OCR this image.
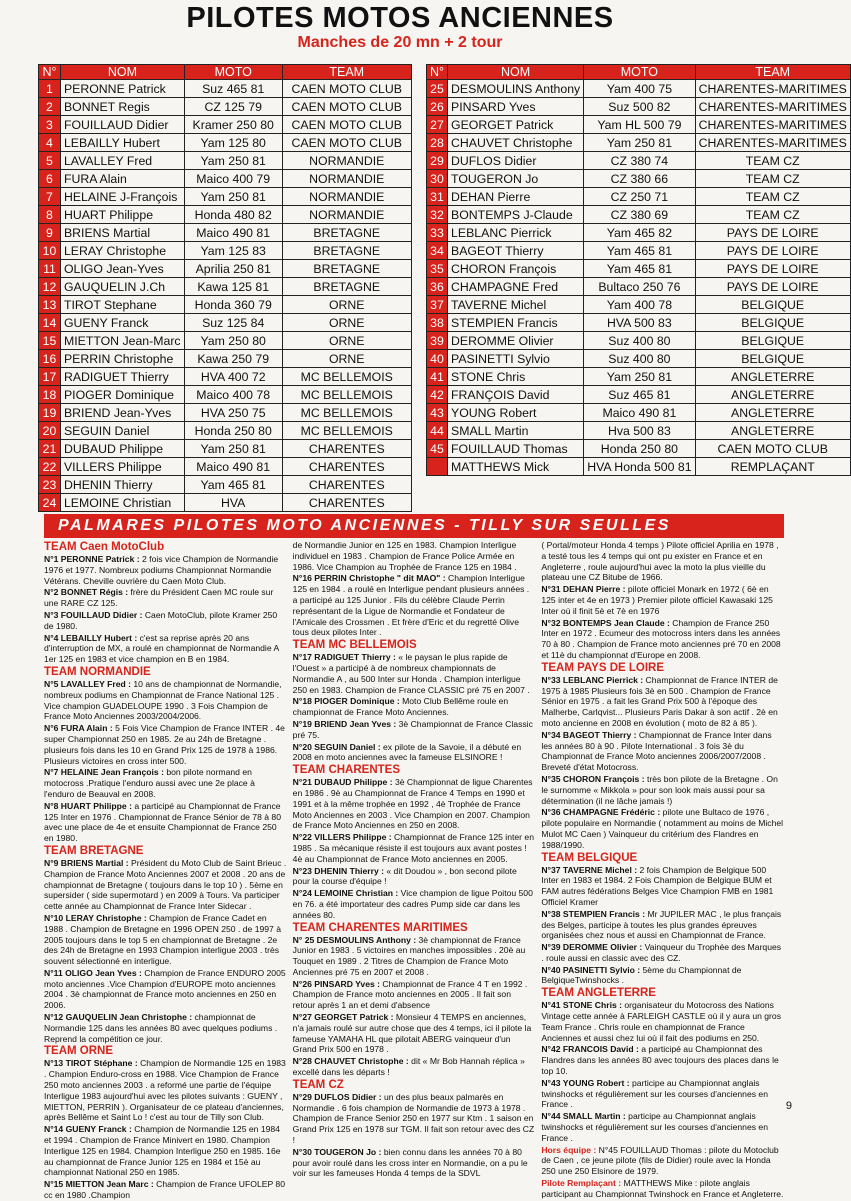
PILOTES MOTOS ANCIENNES
Manches de 20 mn + 2 tour
N°	NOM	MOTO	TEAM
1	PERONNE Patrick	Suz 465 81	CAEN MOTO CLUB
2	BONNET Regis	CZ 125 79	CAEN MOTO CLUB
3	FOUILLAUD Didier	Kramer 250 80	CAEN MOTO CLUB
4	LEBAILLY Hubert	Yam 125 80	CAEN MOTO CLUB
5	LAVALLEY Fred	Yam 250 81	NORMANDIE
6	FURA Alain	Maico 400 79	NORMANDIE
7	HELAINE J-François	Yam 250 81	NORMANDIE
8	HUART Philippe	Honda 480 82	NORMANDIE
9	BRIENS Martial	Maico 490 81	BRETAGNE
10	LERAY Christophe	Yam 125 83	BRETAGNE
11	OLIGO Jean-Yves	Aprilia 250 81	BRETAGNE
12	GAUQUELIN J.Ch	Kawa 125 81	BRETAGNE
13	TIROT Stephane	Honda 360 79	ORNE
14	GUENY Franck	Suz 125 84	ORNE
15	MIETTON Jean-Marc	Yam 250 80	ORNE
16	PERRIN Christophe	Kawa 250 79	ORNE
17	RADIGUET Thierry	HVA 400 72	MC BELLEMOIS
18	PIOGER Dominique	Maico 400 78	MC BELLEMOIS
19	BRIEND Jean-Yves	HVA 250 75	MC BELLEMOIS
20	SEGUIN Daniel	Honda 250 80	MC BELLEMOIS
21	DUBAUD Philippe	Yam 250 81	CHARENTES
22	VILLERS Philippe	Maico 490 81	CHARENTES
23	DHENIN Thierry	Yam 465 81	CHARENTES
24	LEMOINE Christian	HVA	CHARENTES
N°	NOM	MOTO	TEAM
25	DESMOULINS Anthony	Yam 400 75	CHARENTES-MARITIMES
26	PINSARD Yves	Suz 500 82	CHARENTES-MARITIMES
27	GEORGET Patrick	Yam HL 500 79	CHARENTES-MARITIMES
28	CHAUVET Christophe	Yam 250 81	CHARENTES-MARITIMES
29	DUFLOS Didier	CZ 380 74	TEAM CZ
30	TOUGERON Jo	CZ 380 66	TEAM CZ
31	DEHAN Pierre	CZ 250 71	TEAM CZ
32	BONTEMPS J-Claude	CZ 380 69	TEAM CZ
33	LEBLANC Pierrick	Yam 465 82	PAYS DE LOIRE
34	BAGEOT Thierry	Yam 465 81	PAYS DE LOIRE
35	CHORON François	Yam 465 81	PAYS DE LOIRE
36	CHAMPAGNE Fred	Bultaco 250 76	PAYS DE LOIRE
37	TAVERNE Michel	Yam 400 78	BELGIQUE
38	STEMPIEN Francis	HVA 500 83	BELGIQUE
39	DEROMME Olivier	Suz 400 80	BELGIQUE
40	PASINETTI Sylvio	Suz 400 80	BELGIQUE
41	STONE Chris	Yam 250 81	ANGLETERRE
42	FRANÇOIS David	Suz 465 81	ANGLETERRE
43	YOUNG Robert	Maico 490 81	ANGLETERRE
44	SMALL Martin	Hva 500 83	ANGLETERRE
45	FOUILLAUD Thomas	Honda 250 80	CAEN MOTO CLUB
	MATTHEWS Mick	HVA Honda 500 81	REMPLAÇANT
PALMARES PILOTES MOTO ANCIENNES - TILLY SUR SEULLES
TEAM Caen MotoClub
N°1 PERONNE Patrick : 2 fois vice Champion de Normandie 1976 et 1977. Nombreux podiums Championnat Normandie Vétérans. Cheville ouvrière du Caen Moto Club.
N°2 BONNET Régis : frère du Président Caen MC roule sur une RARE CZ 125.
N°3 FOUILLAUD Didier : Caen MotoClub, pilote Kramer 250 de 1980.
N°4 LEBAILLY Hubert : c'est sa reprise après 20 ans d'interruption de MX, a roulé en championnat de Normandie A 1er 125 en 1983 et vice champion en B en 1984.
TEAM NORMANDIE
N°5 LAVALLEY Fred : 10 ans de championnat de Normandie, nombreux podiums en Championnat de France National 125 . Vice champion GUADELOUPE 1990 . 3 Fois Champion de France Moto Anciennes 2003/2004/2006.
N°6 FURA Alain : 5 Fois Vice Champion de France INTER . 4e super Championnat 250 en 1985. 2e au 24h de Bretagne . plusieurs fois dans les 10 en Grand Prix 125 de 1978 à 1986. Plusieurs victoires en cross inter 500.
N°7 HELAINE Jean François : bon pilote normand en motocross .Pratique l'enduro aussi avec une 2e place à l'enduro de Beauval en 2008.
N°8 HUART Philippe : a participé au Championnat de France 125 Inter en 1976 . Championnat de France Sénior de 78 à 80 avec une place de 4e et ensuite Championnat de France 250 en 1980.
TEAM BRETAGNE
N°9 BRIENS Martial : Président du Moto Club de Saint Brieuc . Champion de France Moto Anciennes 2007 et 2008 . 20 ans de championnat de Bretagne ( toujours dans le top 10 ) . 5ème en supersider ( side supermotard ) en 2009 à Tours. Va participer cette année au Championnat de France Inter Sidecar .
N°10 LERAY Christophe : Champion de France Cadet en 1988 . Champion de Bretagne en 1996 OPEN 250 . de 1997 à 2005 toujours dans le top 5 en championnat de Bretagne . 2e des 24h de Bretagne en 1993 Champion interligue 2003 . très souvent sélectionné en interligue.
N°11 OLIGO Jean Yves : Champion de France ENDURO 2005 moto anciennes .Vice Champion d'EUROPE moto anciennes 2004 . 3è championnat de France moto anciennes en 250 en 2006.
N°12 GAUQUELIN Jean Christophe : championnat de Normandie 125 dans les années 80 avec quelques podiums . Reprend la compétition ce jour.
TEAM ORNE
N°13 TIROT Stéphane : Champion de Normandie 125 en 1983 . Champion Enduro-cross en 1988. Vice Champion de France 250 moto anciennes 2003 . a reformé une partie de l'équipe Interligue 1983 aujourd'hui avec les pilotes suivants : GUENY , MIETTON, PERRIN ). Organisateur de ce plateau d'anciennes, après Bellême et Saint Lo ! c'est au tour de Tilly son Club.
N°14 GUENY Franck : Champion de Normandie 125 en 1984 et 1994 . Champion de France Minivert en 1980. Champion Interligue 125 en 1984. Champion Interligue 250 en 1985. 16e au championnat de France Junior 125 en 1984 et 15è au championnat National 250 en 1985.
N°15 MIETTON Jean Marc : Champion de France UFOLEP 80 cc en 1980 .Champion
de Normandie Junior en 125 en 1983. Champion Interligue individuel en 1983 . Champion de France Police Armée en 1986. Vice Champion au Trophée de France 125 en 1984 .
N°16 PERRIN Christophe " dit MAO" : Champion Interligue 125 en 1984 . a roulé en Interligue pendant plusieurs années . a participé au 125 Junior . Fils du célèbre Claude Perrin représentant de la Ligue de Normandie et Fondateur de l'Amicale des Crossmen . Et frère d'Eric et du regretté Olive tous deux pilotes Inter .
TEAM MC BELLEMOIS
N°17 RADIGUET Thierry : « le paysan le plus rapide de l'Ouest » a participé à de nombreux championnats de Normandie A , au 500 Inter sur Honda . Champion interligue 250 en 1983. Champion de France CLASSIC pré 75 en 2007 .
N°18 PIOGER Dominique : Moto Club Bellême roule en championnat de France Moto Anciennes.
N°19 BRIEND Jean Yves : 3è Championnat de France Classic pré 75.
N°20 SEGUIN Daniel : ex pilote de la Savoie, il a débuté en 2008 en moto anciennes avec la fameuse ELSINORE !
TEAM CHARENTES
N°21 DUBAUD Philippe : 3è Championnat de ligue Charentes en 1986 . 9è au Championnat de France 4 Temps en 1990 et 1991 et à la même trophée en 1992 , 4è Trophée de France Moto Anciennes en 2003 . Vice Champion en 2007. Champion de France Moto Anciennes en 250 en 2008.
N°22 VILLERS Philippe : Championnat de France 125 inter en 1985 . Sa mécanique résiste il est toujours aux avant postes ! 4è au Championnat de France Moto anciennes en 2005.
N°23 DHENIN Thierry : « dit Doudou » , bon second pilote pour la course d'équipe !
N°24 LEMOINE Christian : Vice champion de ligue Poitou 500 en 76. a été importateur des cadres Pump side car dans les années 80.
TEAM CHARENTES MARITIMES
N° 25 DESMOULINS Anthony : 3è championnat de France Junior en 1983 . 5 victoires en manches impossibles . 20è au Touquet en 1989 . 2 Titres de Champion de France Moto Anciennes pré 75 en 2007 et 2008 .
N°26 PINSARD Yves : Championnat de France 4 T en 1992 . Champion de France moto anciennes en 2005 . Il fait son retour après 1 an et demi d'absence
N°27 GEORGET Patrick : Monsieur 4 TEMPS en anciennes, n'a jamais roulé sur autre chose que des 4 temps, ici il pilote la fameuse YAMAHA HL que pilotait ABERG vainqueur d'un Grand Prix 500 en 1978 .
N°28 CHAUVET Christophe : dit « Mr Bob Hannah réplica » excellé dans les départs !
TEAM CZ
N°29 DUFLOS Didier : un des plus beaux palmarès en Normandie . 6 fois champion de Normandie de 1973 à 1978 . Champion de France Senior 250 en 1977 sur Ktm . 1 saison en Grand Prix 125 en 1978 sur TGM. Il fait son retour avec des CZ !
N°30 TOUGERON Jo : bien connu dans les années 70 à 80 pour avoir roulé dans les cross inter en Normandie, on a pu le voir sur les fameuses Honda 4 temps de la SDVL
( Portal/moteur Honda 4 temps ) Pilote officiel Aprilia en 1978 , a testé tous les 4 temps qui ont pu exister en France et en Angleterre , roule aujourd'hui avec la moto la plus vieille du plateau une CZ Bitube de 1966.
N°31 DEHAN Pierre : pilote officiel Monark en 1972 ( 6è en 125 inter et 4e en 1973 ) Premier pilote officiel Kawasaki 125 Inter où il finit 5è et 7è en 1976
N°32 BONTEMPS Jean Claude : Champion de France 250 Inter en 1972 . Ecumeur des motocross inters dans les années 70 à 80 . Champion de France moto anciennes pré 70 en 2008 et 11è du championnat d'Europe en 2008.
TEAM PAYS DE LOIRE
N°33 LEBLANC Pierrick : Championnat de France INTER de 1975 à 1985 Plusieurs fois 3è en 500 . Champion de France Sénior en 1975 . a fait les Grand Prix 500 à l'époque des Malherbe, Carlqvist... Plusieurs Paris Dakar à son actif . 2è en moto ancienne en 2008 en évolution ( moto de 82 à 85 ).
N°34 BAGEOT Thierry : Championnat de France Inter dans les années 80 à 90 . Pilote International . 3 fois 3è du Championnat de France Moto anciennes 2006/2007/2008 . Breveté d'état Motocross.
N°35 CHORON François : très bon pilote de la Bretagne . On le surnomme « Mikkola » pour son look mais aussi pour sa détermination (il ne lâche jamais !)
N°36 CHAMPAGNE Frédéric : pilote une Bultaco de 1976 , pilote populaire en Normandie ( notamment au moins de Michel Mulot MC Caen ) Vainqueur du critérium des Flandres en 1988/1990.
TEAM BELGIQUE
N°37 TAVERNE Michel : 2 fois Champion de Belgique 500 Inter en 1983 et 1984. 2 Fois Champion de Belgique BUM et FAM autres fédérations Belges Vice Champion FMB en 1981 Officiel Kramer
N°38 STEMPIEN Francis : Mr JUPILER MAC , le plus français des Belges, participe à toutes les plus grandes épreuves organisées chez nous et aussi en Championnat de France.
N°39 DEROMME Olivier : Vainqueur du Trophée des Marques . roule aussi en classic avec des CZ.
N°40 PASINETTI Sylvio : 5ème du Championnat de BelgiqueTwinshocks .
TEAM ANGLETERRE
N°41 STONE Chris : organisateur du Motocross des Nations Vintage cette année à FARLEIGH CASTLE où il y aura un gros Team France . Chris roule en championnat de France Anciennes et aussi chez lui où il fait des podiums en 250.
N°42 FRANCOIS David : a participé au Championnat des Flandres dans les années 80 avec toujours des places dans le top 10.
N°43 YOUNG Robert : participe au Championnat anglais twinshocks et régulièrement sur les courses d'anciennes en France .
N°44 SMALL Martin : participe au Championnat anglais twinshocks et régulièrement sur les courses d'anciennes en France .
Hors équipe : N°45 FOUILLAUD Thomas : pilote du Motoclub de Caen , ce jeune pilote (fils de Didier) roule avec la Honda 250 une 250 Elsinore de 1979.
Pilote Remplaçant : MATTHEWS Mike : pilote anglais participant au Championnat Twinshock en France et Angleterre.
9
